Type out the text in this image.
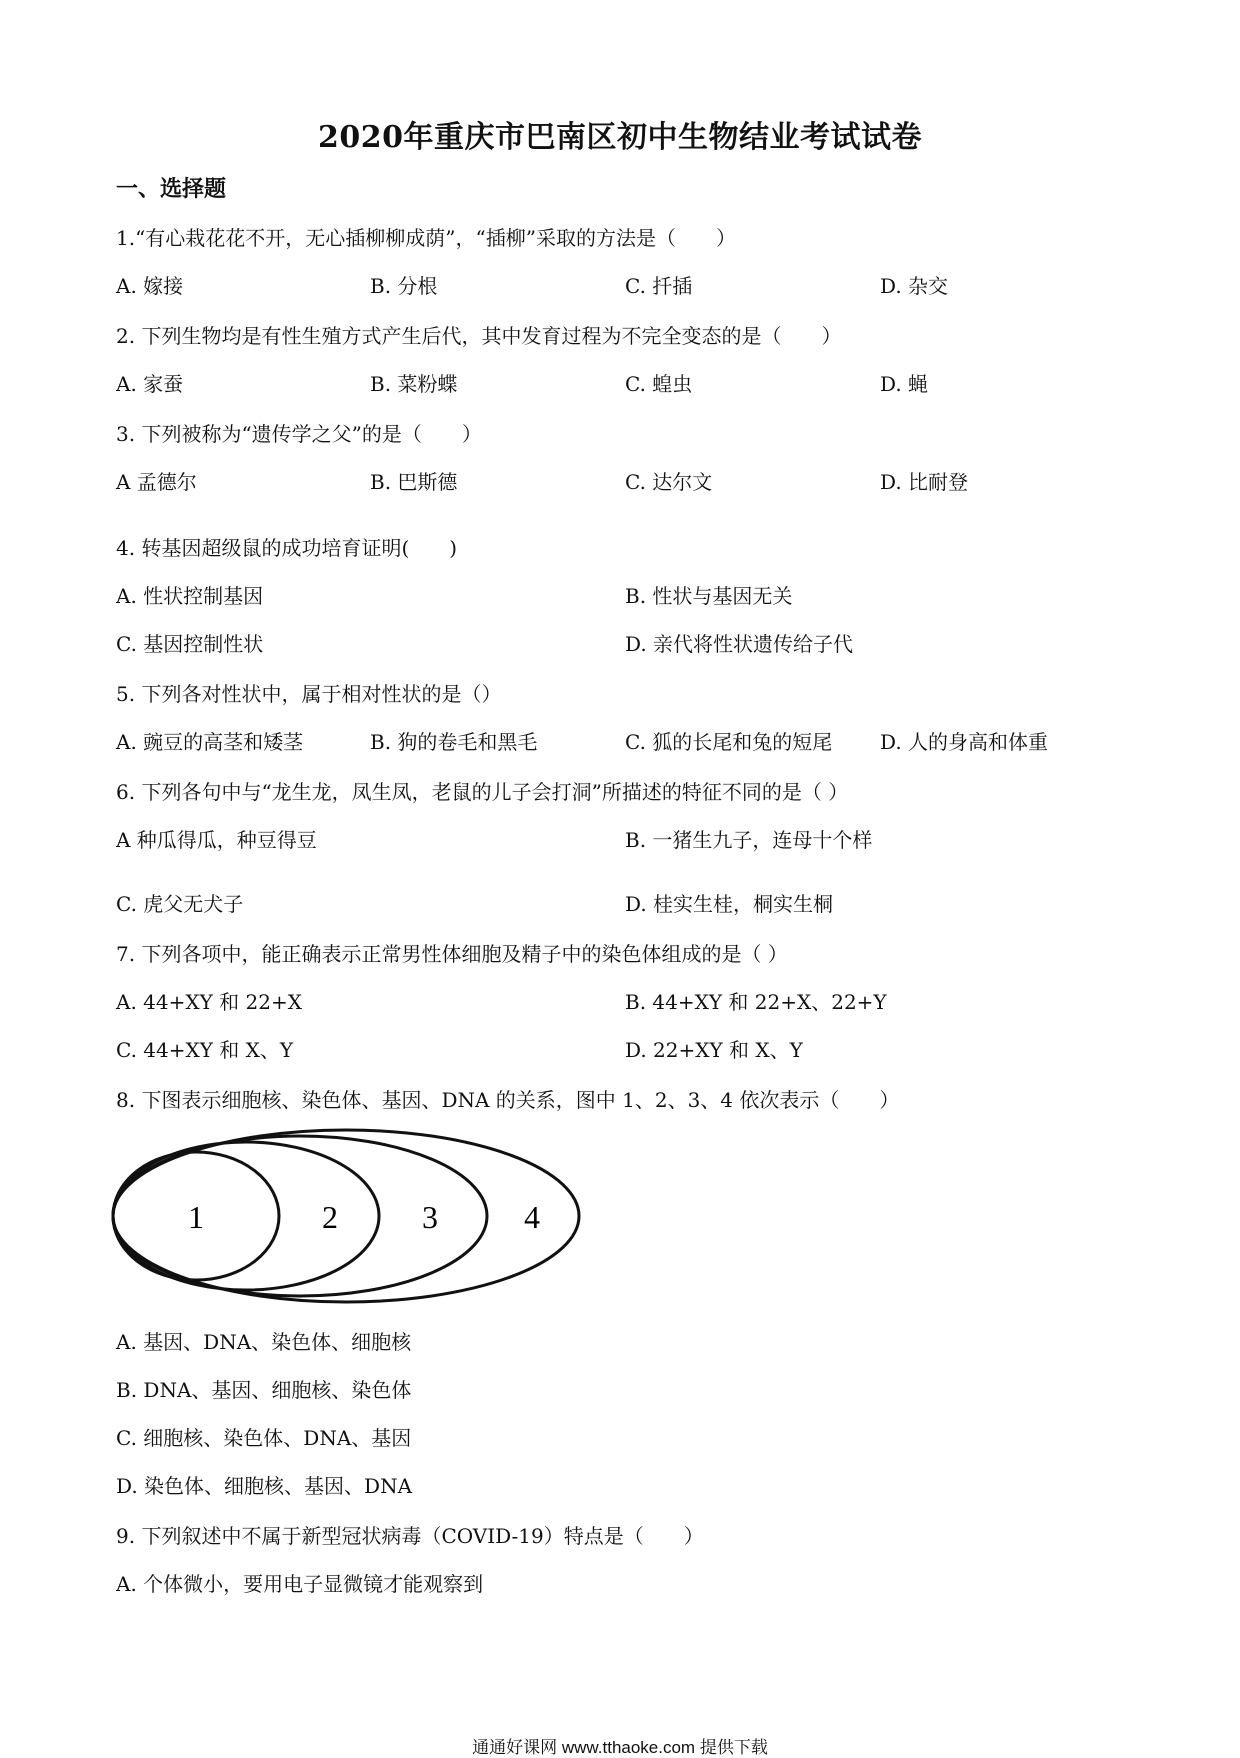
2020年重庆市巴南区初中生物结业考试试卷
一、选择题
1.“有心栽花花不开，无心插柳柳成荫”，“插柳”采取的方法是（　　）
A. 嫁接	B. 分根	C. 扦插	D. 杂交
2. 下列生物均是有性生殖方式产生后代，其中发育过程为不完全变态的是（　　）
A. 家蚕	B. 菜粉蝶	C. 蝗虫	D. 蝇
3. 下列被称为“遗传学之父”的是（　　）
A 孟德尔	B. 巴斯德	C. 达尔文	D. 比耐登
4. 转基因超级鼠的成功培育证明(　　)
A. 性状控制基因	B. 性状与基因无关
C. 基因控制性状	D. 亲代将性状遗传给子代
5. 下列各对性状中，属于相对性状的是（）
A. 豌豆的高茎和矮茎	B. 狗的卷毛和黑毛	C. 狐的长尾和兔的短尾 D. 人的身高和体重
6. 下列各句中与“龙生龙，凤生凤，老鼠的儿子会打洞”所描述的特征不同的是（ ）
A 种瓜得瓜，种豆得豆	B. 一猪生九子，连母十个样
C. 虎父无犬子	D. 桂实生桂，桐实生桐
7. 下列各项中，能正确表示正常男性体细胞及精子中的染色体组成的是（ ）
A. 44+XY 和 22+X	B. 44+XY 和 22+X、22+Y
C. 44+XY 和 X、Y	D. 22+XY 和 X、Y
8. 下图表示细胞核、染色体、基因、DNA 的关系，图中 1、2、3、4 依次表示（　　）
1	2	3	4
A. 基因、DNA、染色体、细胞核
B. DNA、基因、细胞核、染色体
C. 细胞核、染色体、DNA、基因
D. 染色体、细胞核、基因、DNA
9. 下列叙述中不属于新型冠状病毒（COVID-19）特点是（　　）
A. 个体微小，要用电子显微镜才能观察到
通通好课网 www.tthaoke.com 提供下载
